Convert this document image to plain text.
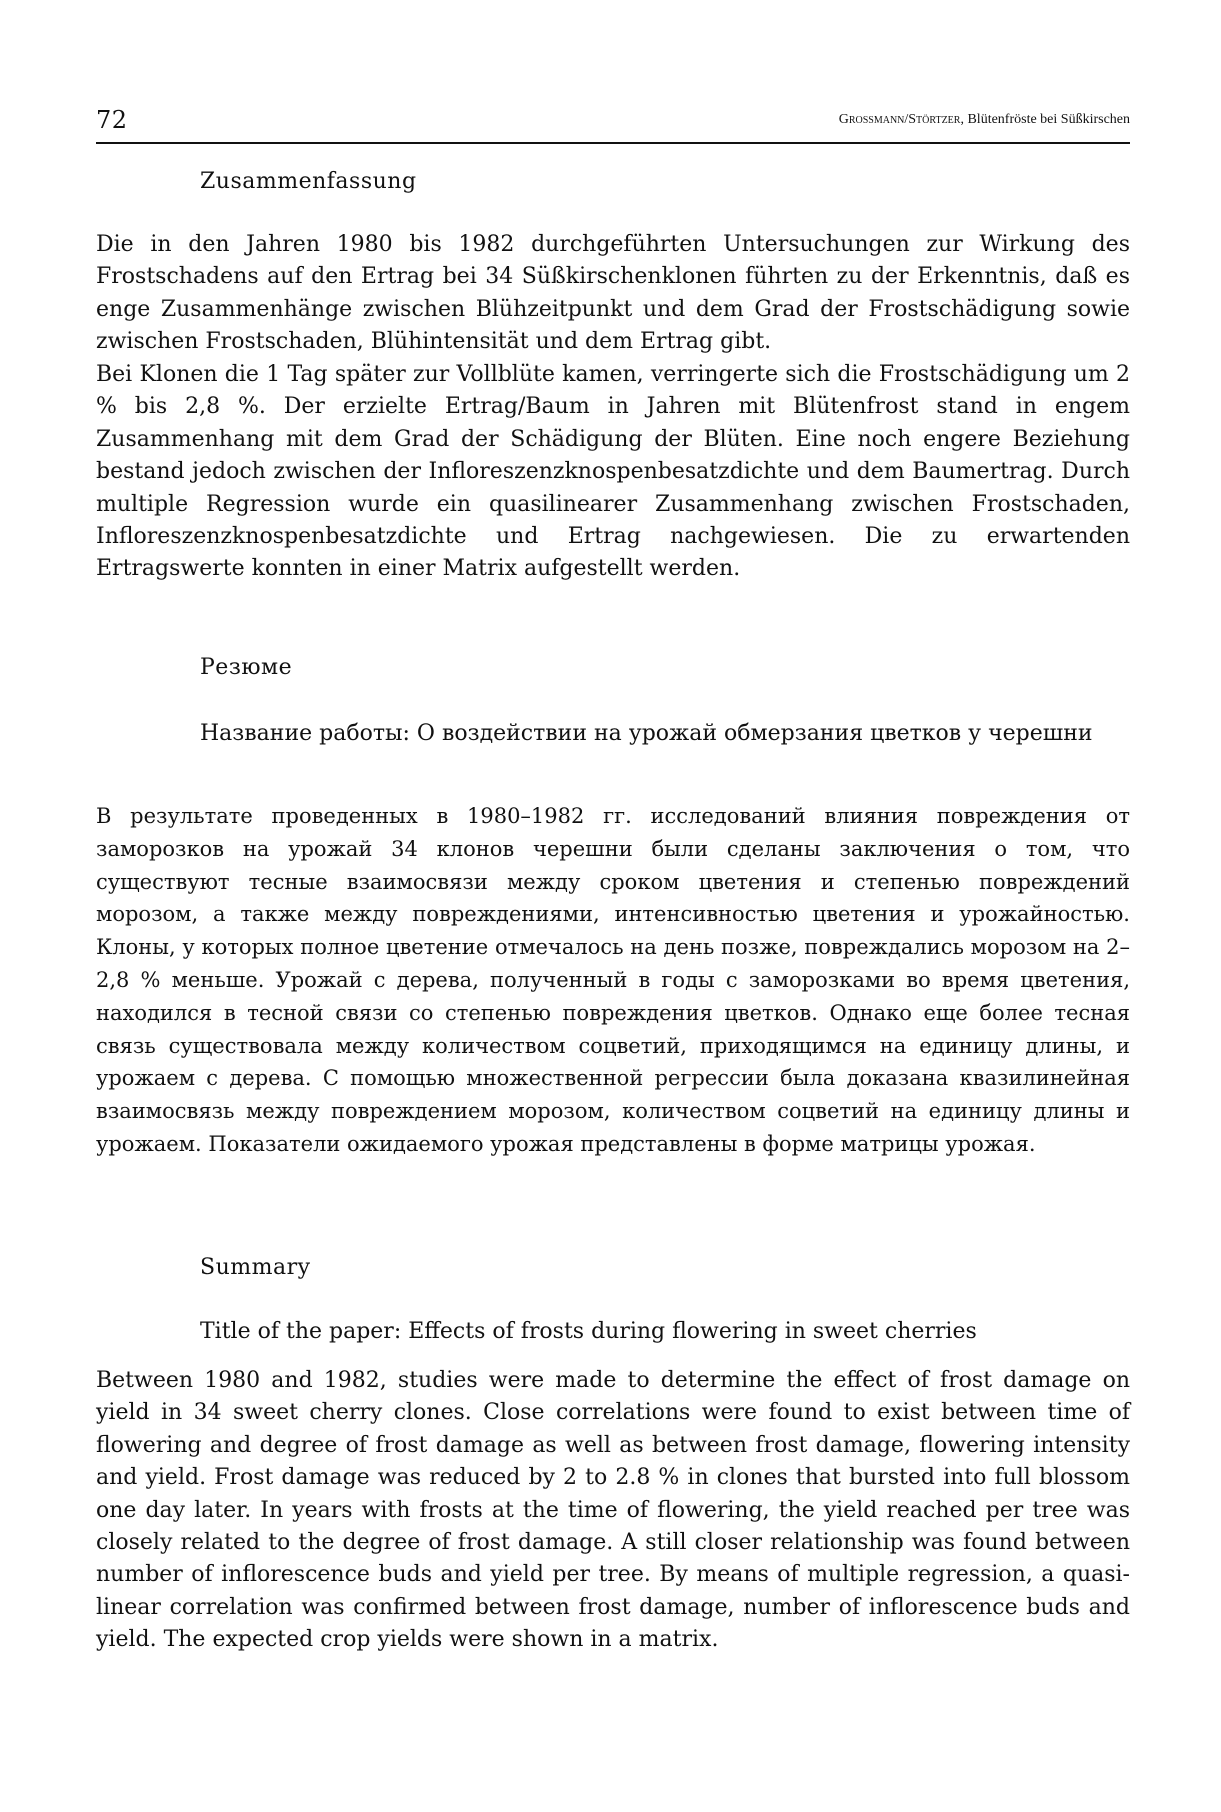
72	Grossmann/Störtzer, Blütenfröste bei Süßkirschen
Zusammenfassung
Die in den Jahren 1980 bis 1982 durchgeführten Untersuchungen zur Wirkung des Frostschadens auf den Ertrag bei 34 Süßkirschenklonen führten zu der Erkenntnis, daß es enge Zusammenhänge zwischen Blühzeitpunkt und dem Grad der Frostschädigung sowie zwischen Frostschaden, Blühintensität und dem Ertrag gibt.
Bei Klonen die 1 Tag später zur Vollblüte kamen, verringerte sich die Frostschädigung um 2 % bis 2,8 %. Der erzielte Ertrag/Baum in Jahren mit Blütenfrost stand in engem Zusammenhang mit dem Grad der Schädigung der Blüten. Eine noch engere Beziehung bestand jedoch zwischen der Infloreszenzknospenbesatzdichte und dem Baumertrag. Durch multiple Regression wurde ein quasilinearer Zusammenhang zwischen Frostschaden, Infloreszenzknospenbesatzdichte und Ertrag nachgewiesen. Die zu erwartenden Ertragswerte konnten in einer Matrix aufgestellt werden.
Резюме
Название работы: О воздействии на урожай обмерзания цветков у черешни
В результате проведенных в 1980–1982 гг. исследований влияния повреждения от заморозков на урожай 34 клонов черешни были сделаны заключения о том, что существуют тесные взаимосвязи между сроком цветения и степенью повреждений морозом, а также между повреждениями, интенсивностью цветения и урожайностью. Клоны, у которых полное цветение отмечалось на день позже, повреждались морозом на 2–2,8 % меньше. Урожай с дерева, полученный в годы с заморозками во время цветения, находился в тесной связи со степенью повреждения цветков. Однако еще более тесная связь существовала между количеством соцветий, приходящимся на единицу длины, и урожаем с дерева. С помощью множественной регрессии была доказана квазилинейная взаимосвязь между повреждением морозом, количеством соцветий на единицу длины и урожаем. Показатели ожидаемого урожая представлены в форме матрицы урожая.
Summary
Title of the paper: Effects of frosts during flowering in sweet cherries
Between 1980 and 1982, studies were made to determine the effect of frost damage on yield in 34 sweet cherry clones. Close correlations were found to exist between time of flowering and degree of frost damage as well as between frost damage, flowering intensity and yield. Frost damage was reduced by 2 to 2.8 % in clones that bursted into full blossom one day later. In years with frosts at the time of flowering, the yield reached per tree was closely related to the degree of frost damage. A still closer relationship was found between number of inflorescence buds and yield per tree. By means of multiple regression, a quasi-linear correlation was confirmed between frost damage, number of inflorescence buds and yield. The expected crop yields were shown in a matrix.
